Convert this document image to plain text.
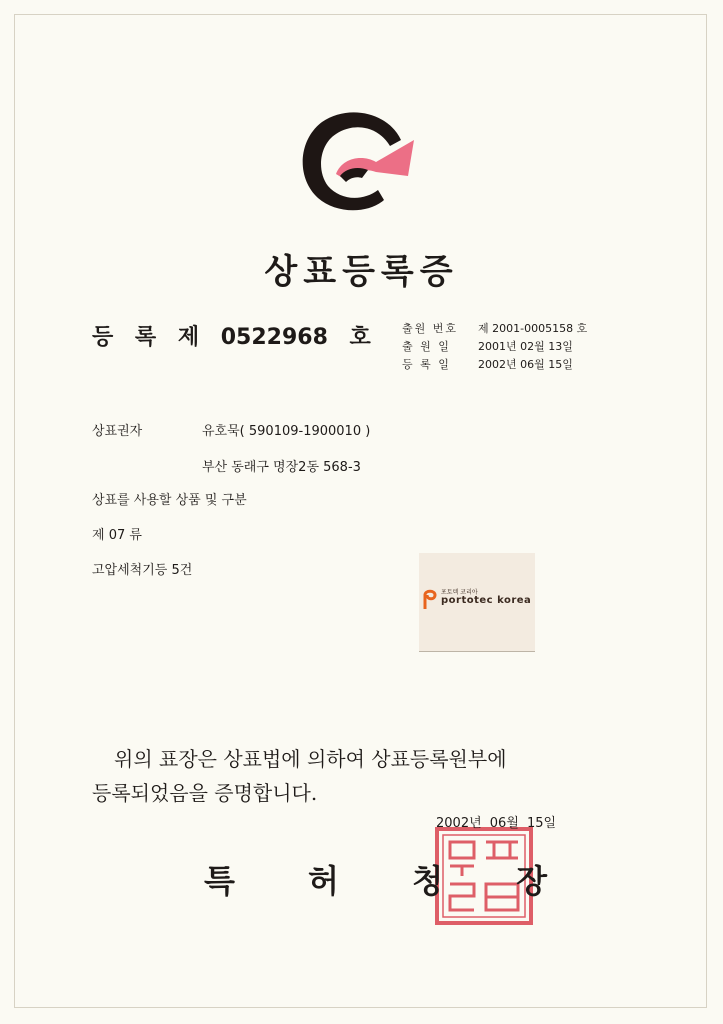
상표등록증
등 록 제 0522968 호	출원 번호	제 2001-0005158 호
출 원 일	2001년 02월 13일
등 록 일	2002년 06월 15일
상표권자	유호묵( 590109-1900010 )
부산 동래구 명장2동 568-3
상표를 사용할 상품 및 구분
제 07 류
고압세척기등 5건
포토텍 코리아
portotec korea
위의 표장은 상표법에 의하여 상표등록원부에
등록되었음을 증명합니다.
2002년 06월 15일
특 허 청 장
